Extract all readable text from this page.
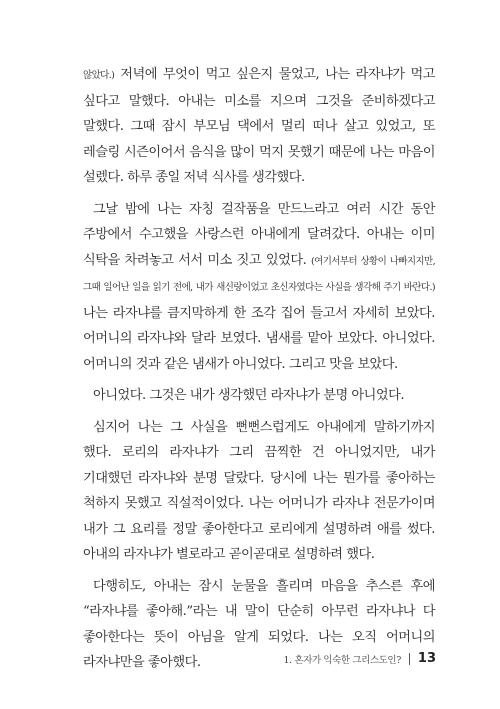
않았다.) 저녁에 무엇이 먹고 싶은지 물었고, 나는 라자냐가 먹고 싶다고 말했다. 아내는 미소를 지으며 그것을 준비하겠다고 말했다. 그때 잠시 부모님 댁에서 멀리 떠나 살고 있었고, 또 레슬링 시즌이어서 음식을 많이 먹지 못했기 때문에 나는 마음이 설렜다. 하루 종일 저녁 식사를 생각했다.

그날 밤에 나는 자칭 걸작품을 만드느라고 여러 시간 동안 주방에서 수고했을 사랑스런 아내에게 달려갔다. 아내는 이미 식탁을 차려놓고 서서 미소 짓고 있었다. (여기서부터 상황이 나빠지지만, 그때 일어난 일을 읽기 전에, 내가 새신랑이었고 초신자였다는 사실을 생각해 주기 바란다.) 나는 라자냐를 큼지막하게 한 조각 집어 들고서 자세히 보았다. 어머니의 라자냐와 달라 보였다. 냄새를 맡아 보았다. 아니었다. 어머니의 것과 같은 냄새가 아니었다. 그리고 맛을 보았다.

아니었다. 그것은 내가 생각했던 라자냐가 분명 아니었다.

심지어 나는 그 사실을 뻔뻔스럽게도 아내에게 말하기까지 했다. 로리의 라자냐가 그리 끔찍한 건 아니었지만, 내가 기대했던 라자냐와 분명 달랐다. 당시에 나는 뭔가를 좋아하는 척하지 못했고 직설적이었다. 나는 어머니가 라자냐 전문가이며 내가 그 요리를 정말 좋아한다고 로리에게 설명하려 애를 썼다. 아내의 라자냐가 별로라고 곧이곧대로 설명하려 했다.

다행히도, 아내는 잠시 눈물을 흘리며 마음을 추스른 후에 “라자냐를 좋아해.”라는 내 말이 단순히 아무런 라자냐나 다 좋아한다는 뜻이 아님을 알게 되었다. 나는 오직 어머니의 라자냐만을 좋아했다.	1. 혼자가 익숙한 그리스도인? 13
